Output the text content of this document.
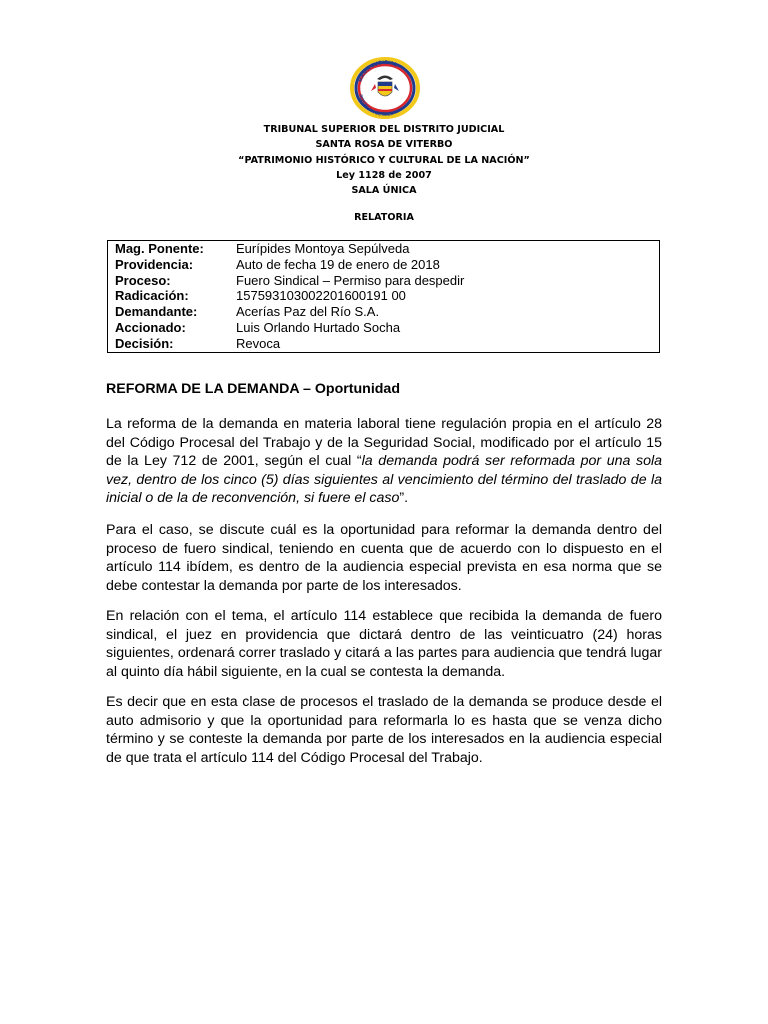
RAMA JUDICIAL
REPÚBLICA DE COLOMBIA
TRIBUNAL SUPERIOR DEL DISTRITO JUDICIAL
SANTA ROSA DE VITERBO
“PATRIMONIO HISTÓRICO Y CULTURAL DE LA NACIÓN”
Ley 1128 de 2007
SALA ÚNICA
RELATORIA
Mag. Ponente: Eurípides Montoya Sepúlveda
Providencia:	Auto de fecha 19 de enero de 2018
Proceso:	Fuero Sindical – Permiso para despedir
Radicación:	157593103002201600191 00
Demandante:	Acerías Paz del Río S.A.
Accionado:	Luis Orlando Hurtado Socha
Decisión:	Revoca
REFORMA DE LA DEMANDA – Oportunidad
La reforma de la demanda en materia laboral tiene regulación propia en el artículo 28 del Código Procesal del Trabajo y de la Seguridad Social, modificado por el artículo 15 de la Ley 712 de 2001, según el cual “la demanda podrá ser reformada por una sola vez, dentro de los cinco (5) días siguientes al vencimiento del término del traslado de la inicial o de la de reconvención, si fuere el caso”.
Para el caso, se discute cuál es la oportunidad para reformar la demanda dentro del proceso de fuero sindical, teniendo en cuenta que de acuerdo con lo dispuesto en el artículo 114 ibídem, es dentro de la audiencia especial prevista en esa norma que se debe contestar la demanda por parte de los interesados.
En relación con el tema, el artículo 114 establece que recibida la demanda de fuero sindical, el juez en providencia que dictará dentro de las veinticuatro (24) horas siguientes, ordenará correr traslado y citará a las partes para audiencia que tendrá lugar al quinto día hábil siguiente, en la cual se contesta la demanda.
Es decir que en esta clase de procesos el traslado de la demanda se produce desde el auto admisorio y que la oportunidad para reformarla lo es hasta que se venza dicho término y se conteste la demanda por parte de los interesados en la audiencia especial de que trata el artículo 114 del Código Procesal del Trabajo.
